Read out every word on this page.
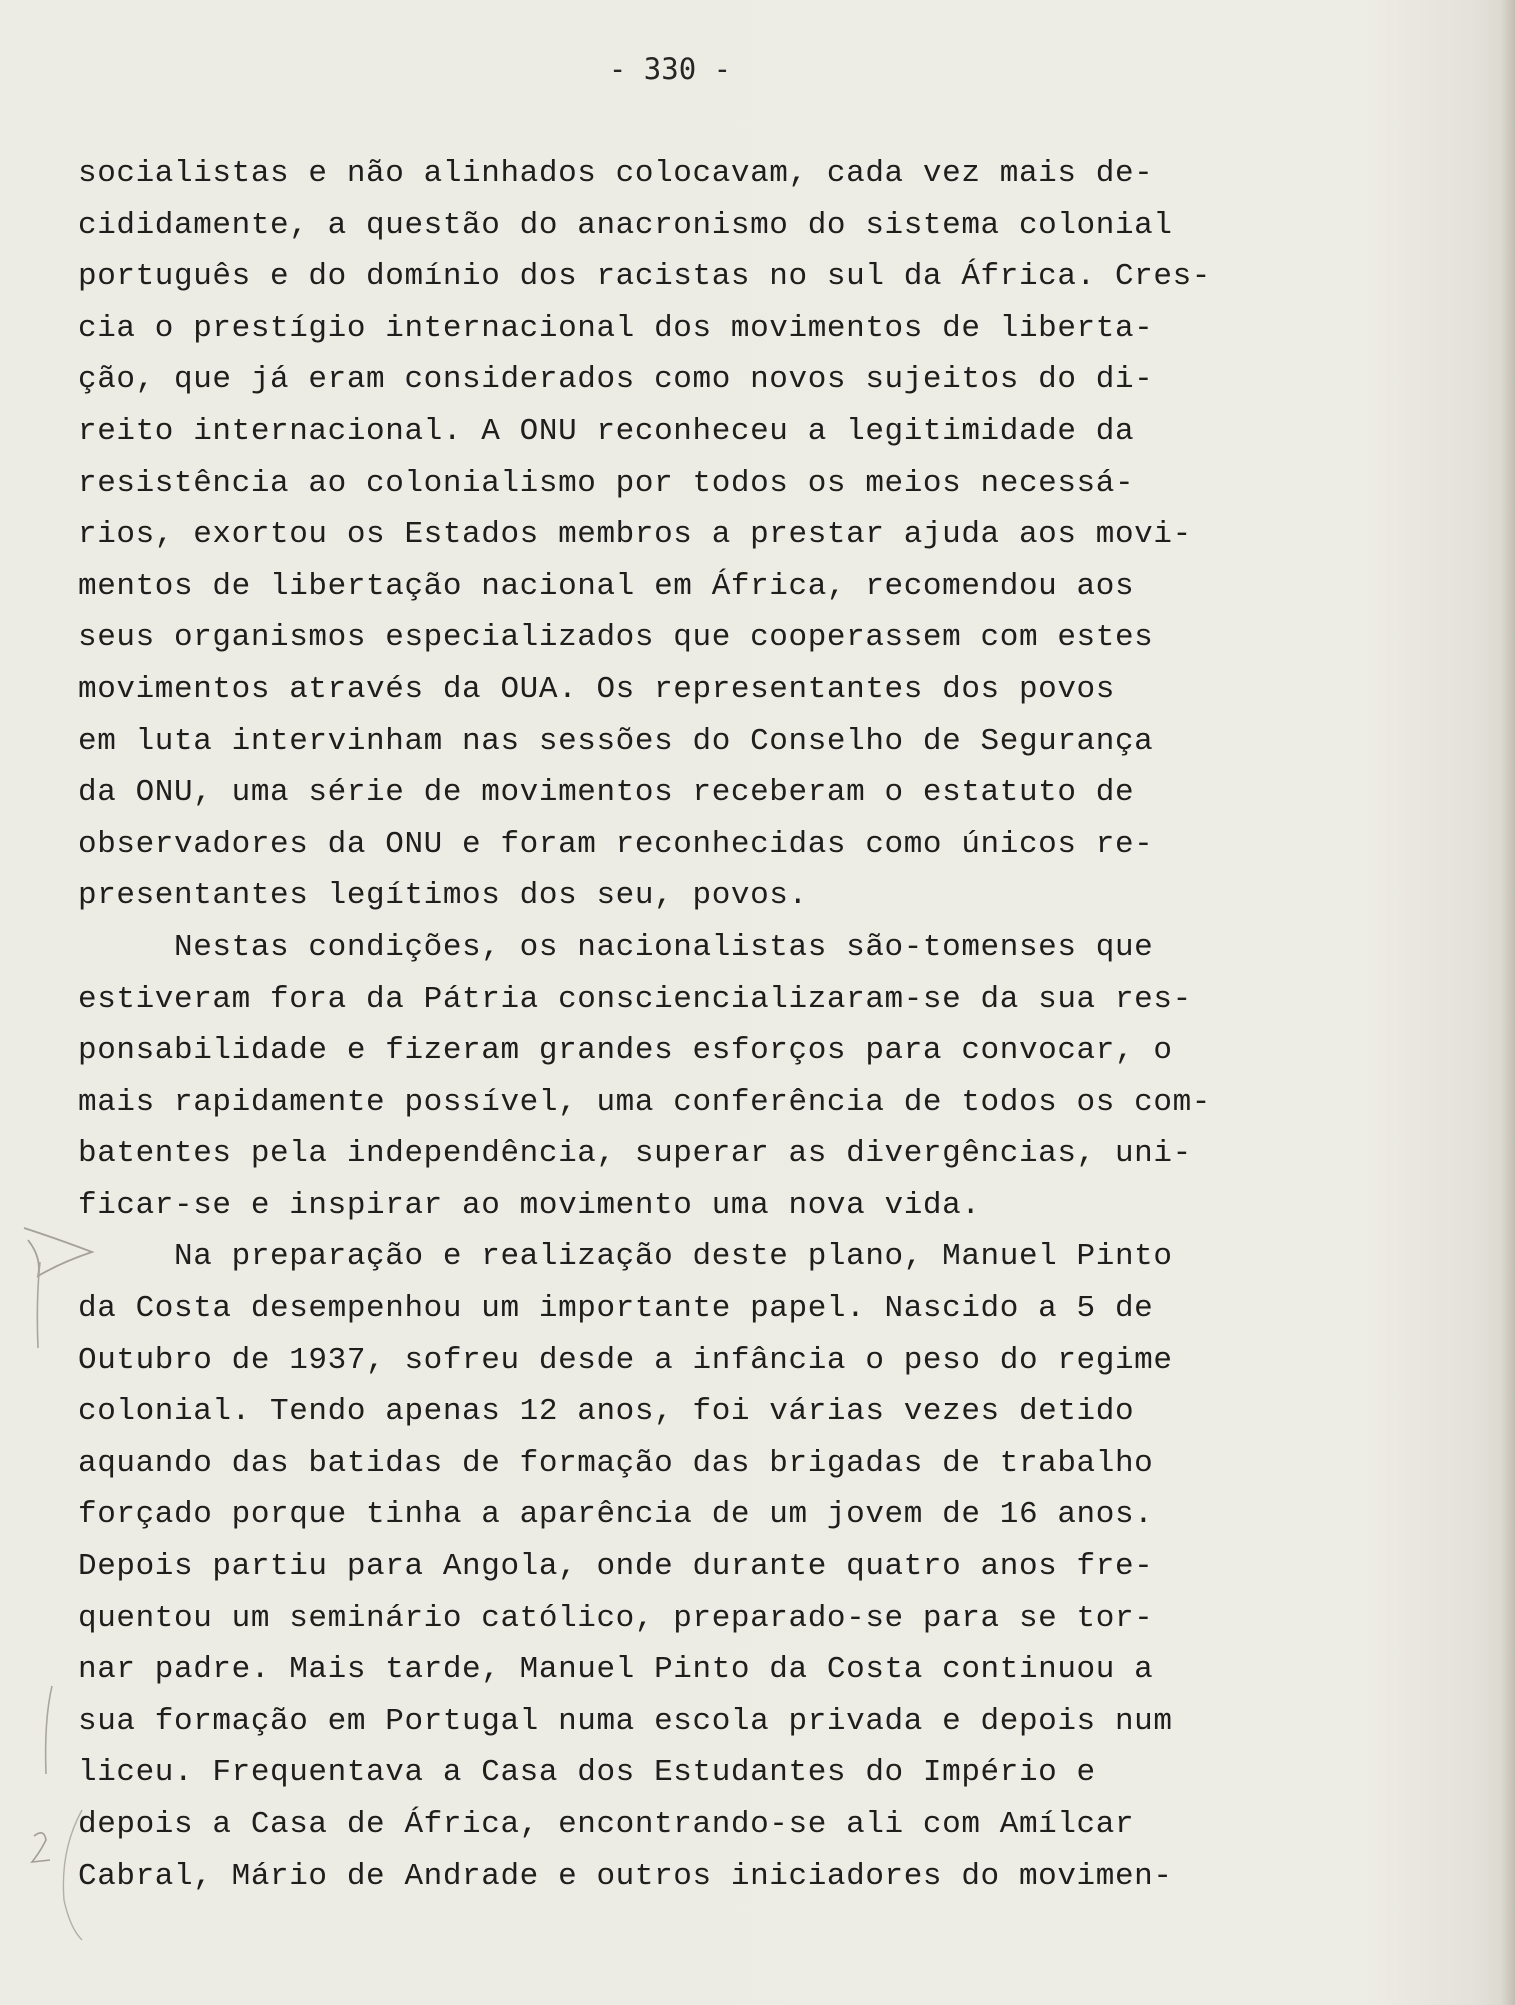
- 330 -
socialistas e não alinhados colocavam, cada vez mais de-
cididamente, a questão do anacronismo do sistema colonial
português e do domínio dos racistas no sul da África. Cres-
cia o prestígio internacional dos movimentos de liberta-
ção, que já eram considerados como novos sujeitos do di-
reito internacional. A ONU reconheceu a legitimidade da
resistência ao colonialismo por todos os meios necessá-
rios, exortou os Estados membros a prestar ajuda aos movi-
mentos de libertação nacional em África, recomendou aos
seus organismos especializados que cooperassem com estes
movimentos através da OUA. Os representantes dos povos
em luta intervinham nas sessões do Conselho de Segurança
da ONU, uma série de movimentos receberam o estatuto de
observadores da ONU e foram reconhecidas como únicos re-
presentantes legítimos dos seu, povos.
Nestas condições, os nacionalistas são-tomenses que
estiveram fora da Pátria consciencializaram-se da sua res-
ponsabilidade e fizeram grandes esforços para convocar, o
mais rapidamente possível, uma conferência de todos os com-
batentes pela independência, superar as divergências, uni-
ficar-se e inspirar ao movimento uma nova vida.
Na preparação e realização deste plano, Manuel Pinto
da Costa desempenhou um importante papel. Nascido a 5 de
Outubro de 1937, sofreu desde a infância o peso do regime
colonial. Tendo apenas 12 anos, foi várias vezes detido
aquando das batidas de formação das brigadas de trabalho
forçado porque tinha a aparência de um jovem de 16 anos.
Depois partiu para Angola, onde durante quatro anos fre-
quentou um seminário católico, preparado-se para se tor-
nar padre. Mais tarde, Manuel Pinto da Costa continuou a
sua formação em Portugal numa escola privada e depois num
liceu. Frequentava a Casa dos Estudantes do Império e
depois a Casa de África, encontrando-se ali com Amílcar
Cabral, Mário de Andrade e outros iniciadores do movimen-
